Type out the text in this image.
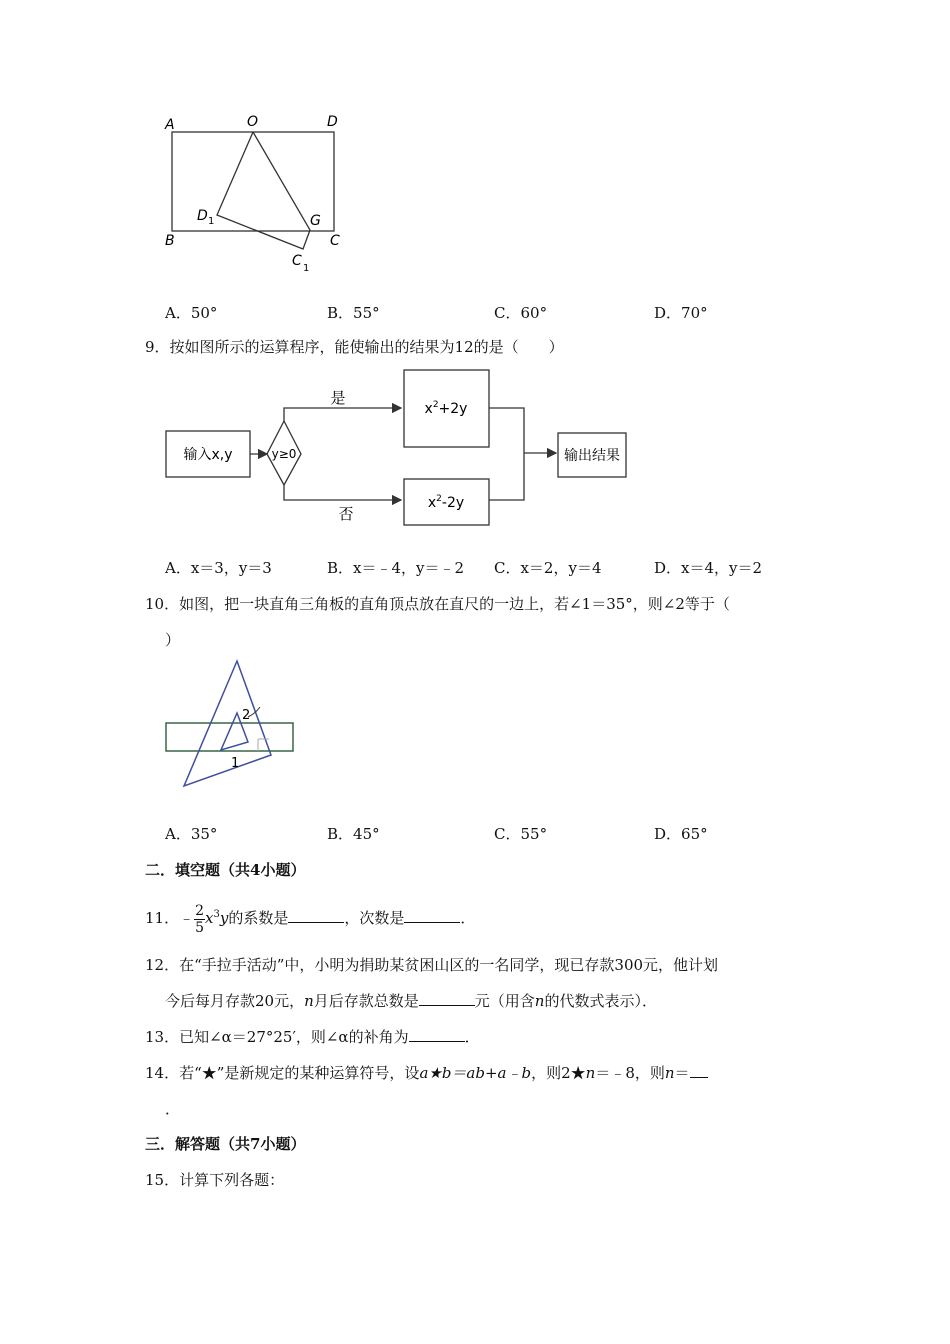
A	O	D
B	C
D 1	G
C 1
A．50°	B．55°	C．60°	D．70°
9．按如图所示的运算程序，能使输出的结果为12的是（　　）
输入x,y	y≥0
是
否
$x^2+2y$
$x^2-2y$
输出结果
A．x＝3，y＝3	B．x＝﹣4，y＝﹣2 C．x＝2，y＝4	D．x＝4，y＝2
10．如图，把一块直角三角板的直角顶点放在直尺的一边上，若∠1＝35°，则∠2等于（
）
2
1
A．35°	B．45°	C．55°	D．65°
二．填空题（共4小题）
11．﹣ $\frac{2}{5} x^3y$的系数是	，次数是	．
12．在“手拉手活动”中，小明为捐助某贫困山区的一名同学，现已存款300元，他计划
今后每月存款20元，n月后存款总数是	元（用含n的代数式表示）．
13．已知∠α＝27°25′，则∠α的补角为	．
14．若“★”是新规定的某种运算符号，设a★b＝ab+a﹣b，则2★n＝﹣8，则n＝
．
三．解答题（共7小题）
15．计算下列各题：
